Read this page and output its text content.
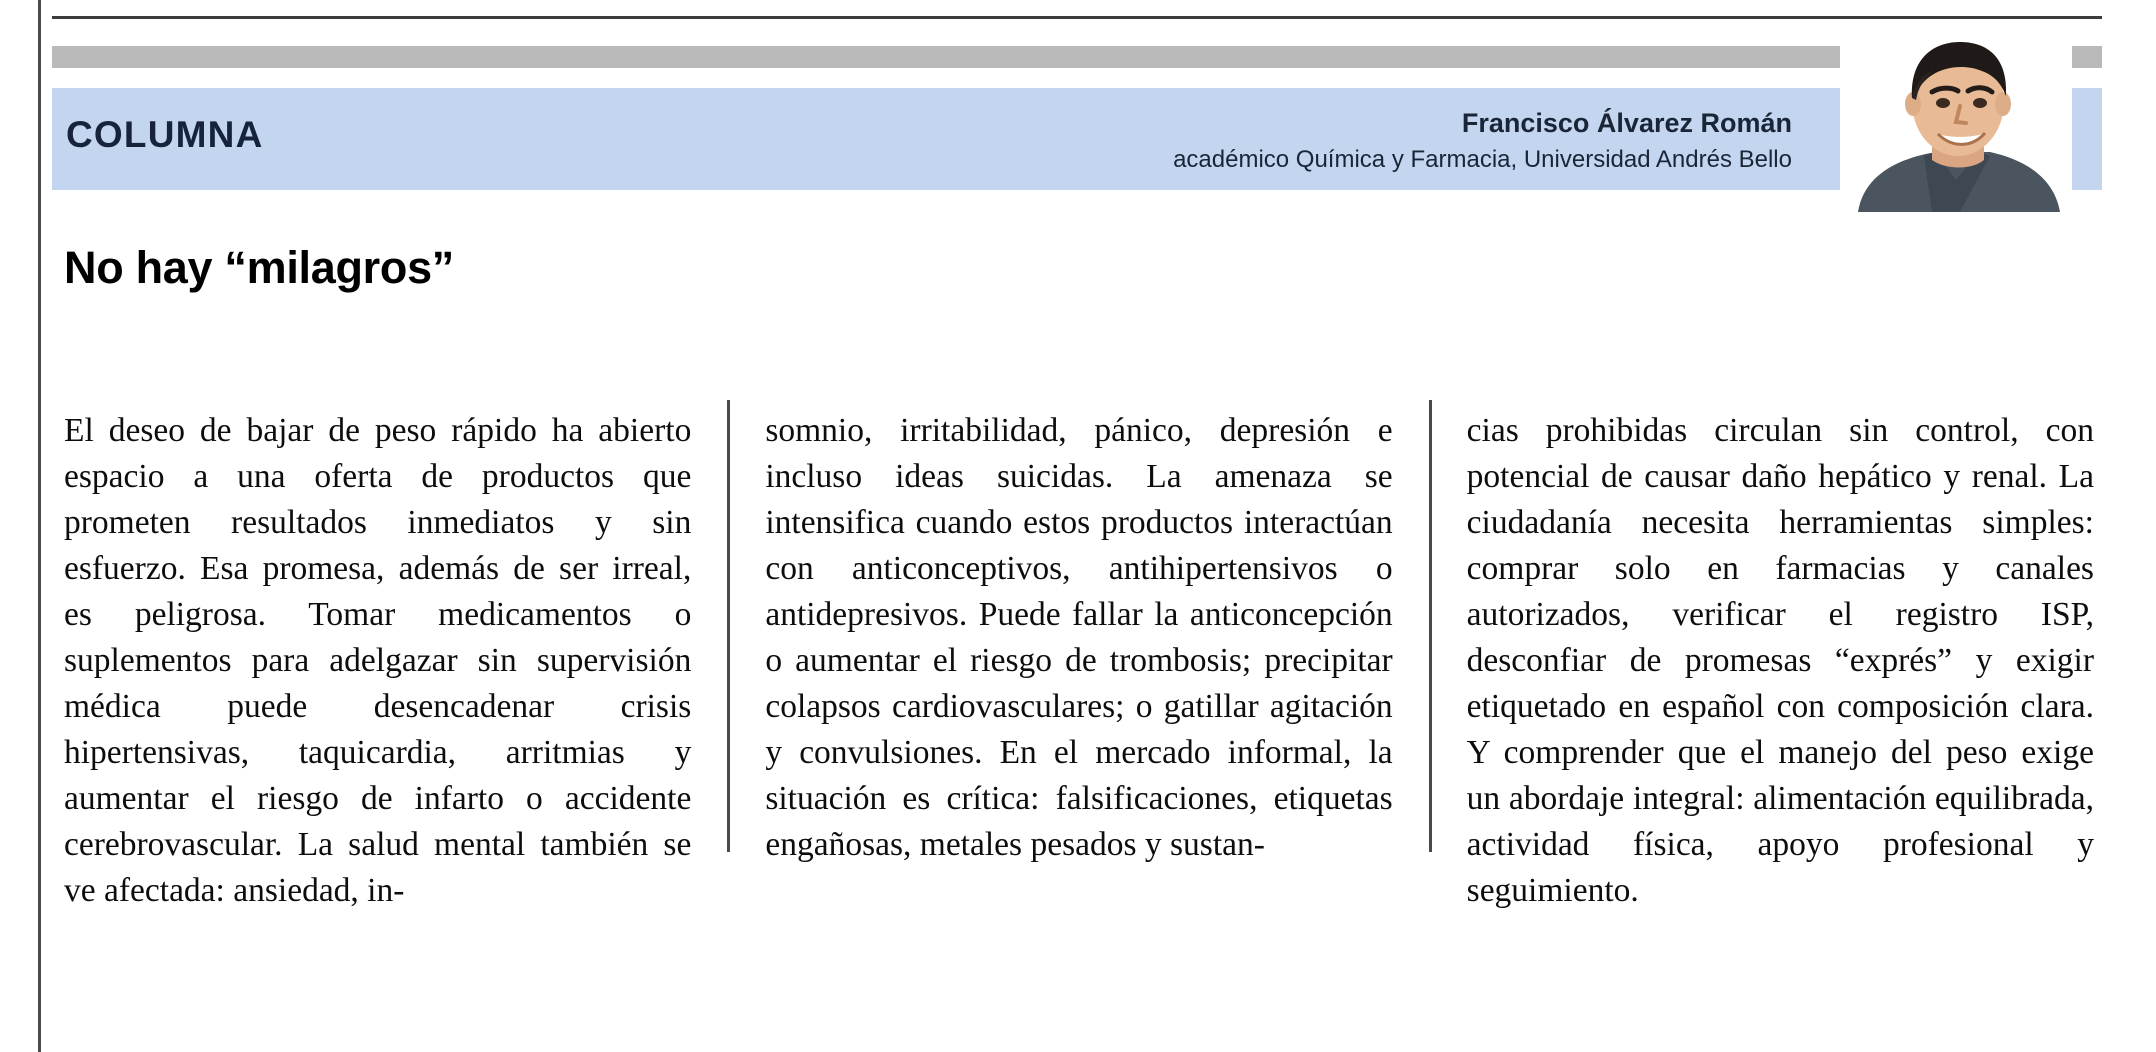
COLUMNA	Francisco Álvarez Román
académico Química y Farmacia, Universidad Andrés Bello
No hay “milagros”

El deseo de bajar de peso rápido ha abierto espacio a una oferta de productos que prometen resultados inmediatos y sin esfuerzo. Esa promesa, además de ser irreal, es peligrosa. Tomar medicamentos o suplementos para adelgazar sin supervisión médica puede desencadenar crisis hipertensivas, taquicardia, arritmias y aumentar el riesgo de infarto o accidente cerebrovascular. La salud mental también se ve afectada: ansiedad, in-

somnio, irritabilidad, pánico, depresión e incluso ideas suicidas. La amenaza se intensifica cuando estos productos interactúan con anticonceptivos, antihipertensivos o antidepresivos. Puede fallar la anticoncepción o aumentar el riesgo de trombosis; precipitar colapsos cardiovasculares; o gatillar agitación y convulsiones. En el mercado informal, la situación es crítica: falsificaciones, etiquetas engañosas, metales pesados y sustan-

cias prohibidas circulan sin control, con potencial de causar daño hepático y renal. La ciudadanía necesita herramientas simples: comprar solo en farmacias y canales autorizados, verificar el registro ISP, desconfiar de promesas “exprés” y exigir etiquetado en español con composición clara. Y comprender que el manejo del peso exige un abordaje integral: alimentación equilibrada, actividad física, apoyo profesional y seguimiento.
